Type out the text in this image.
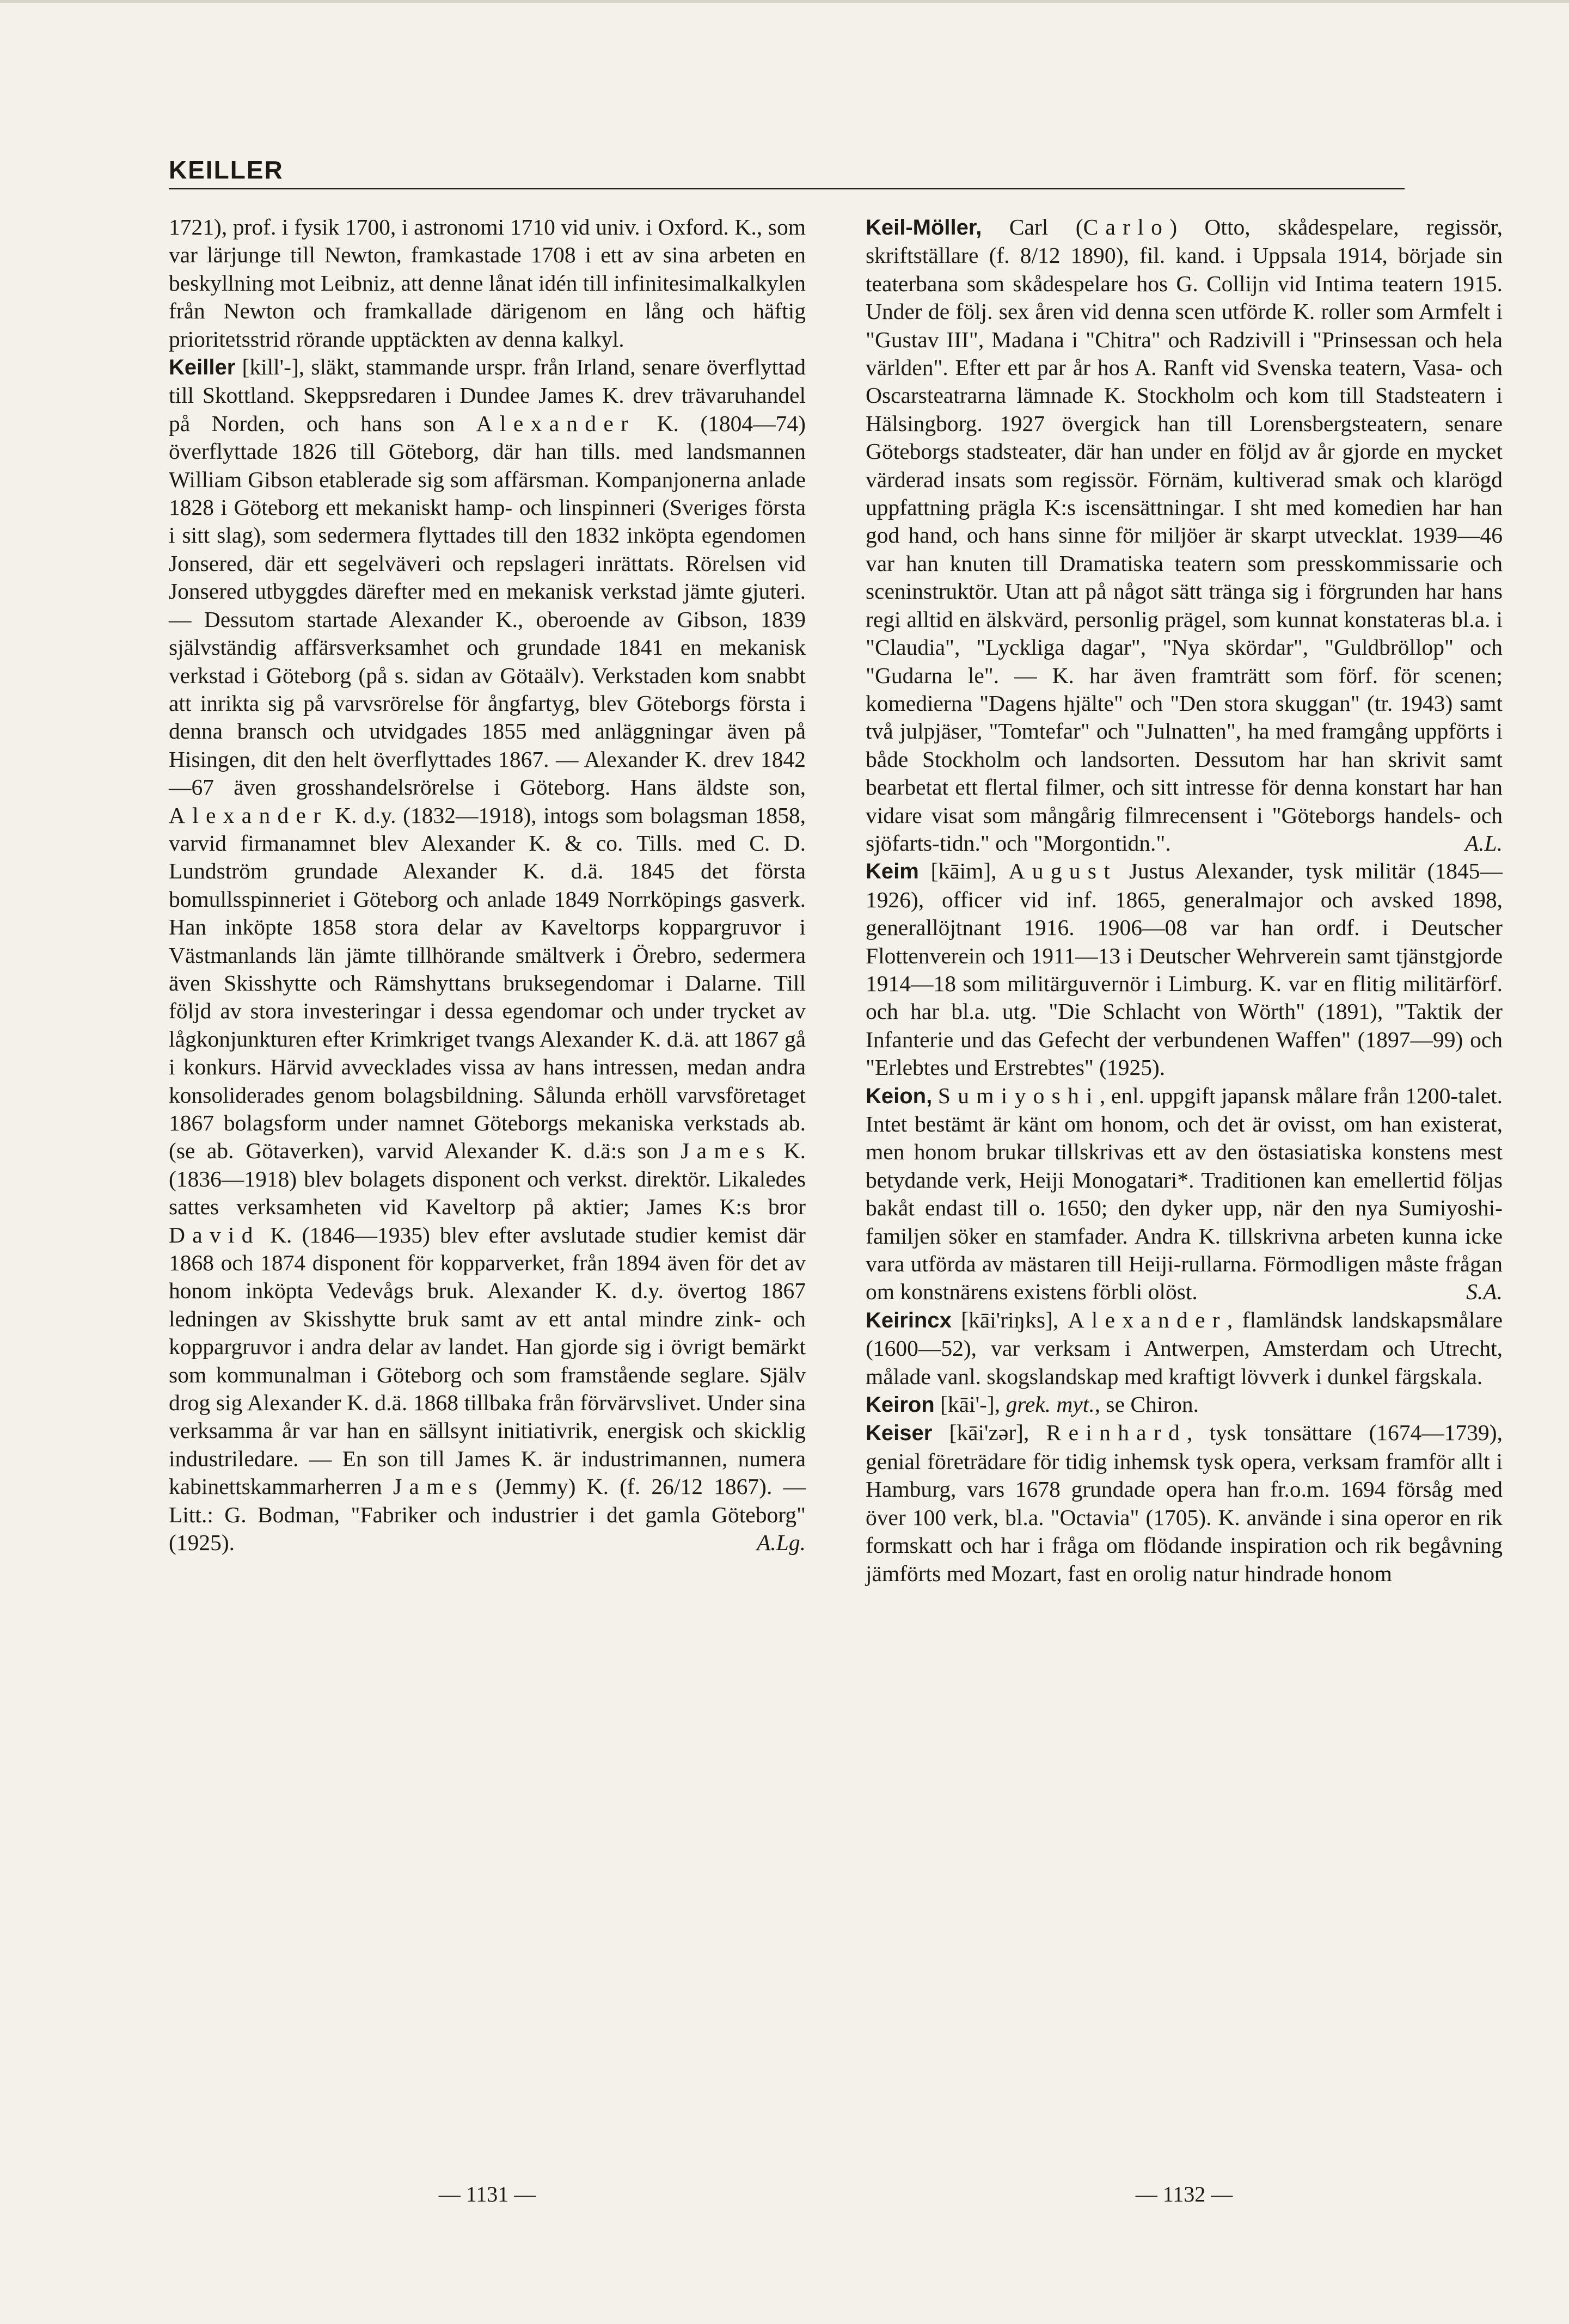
KEILLER

1721), prof. i fysik 1700, i astronomi 1710 vid univ. i Oxford. K., som var lärjunge till Newton, framkastade 1708 i ett av sina arbeten en beskyllning mot Leibniz, att denne lånat idén till infinitesimalkalkylen från Newton och framkallade därigenom en lång och häftig prioritetsstrid rörande upptäckten av denna kalkyl.

Keiller [kill'-], släkt, stammande urspr. från Irland, senare överflyttad till Skottland. Skeppsredaren i Dundee James K. drev trävaruhandel på Norden, och hans son Alexander K. (1804—74) överflyttade 1826 till Göteborg, där han tills. med landsmannen William Gibson etablerade sig som affärsman. Kompanjonerna anlade 1828 i Göteborg ett mekaniskt hamp- och linspinneri (Sveriges första i sitt slag), som sedermera flyttades till den 1832 inköpta egendomen Jonsered, där ett segelväveri och repslageri inrättats. Rörelsen vid Jonsered utbyggdes därefter med en mekanisk verkstad jämte gjuteri. — Dessutom startade Alexander K., oberoende av Gibson, 1839 självständig affärsverksamhet och grundade 1841 en mekanisk verkstad i Göteborg (på s. sidan av Götaälv). Verkstaden kom snabbt att inrikta sig på varvsrörelse för ångfartyg, blev Göteborgs första i denna bransch och utvidgades 1855 med anläggningar även på Hisingen, dit den helt överflyttades 1867. — Alexander K. drev 1842—67 även grosshandelsrörelse i Göteborg. Hans äldste son, Alexander K. d.y. (1832—1918), intogs som bolagsman 1858, varvid firmanamnet blev Alexander K. & co. Tills. med C. D. Lundström grundade Alexander K. d.ä. 1845 det första bomullsspinneriet i Göteborg och anlade 1849 Norrköpings gasverk. Han inköpte 1858 stora delar av Kaveltorps koppargruvor i Västmanlands län jämte tillhörande smältverk i Örebro, sedermera även Skisshytte och Rämshyttans bruksegendomar i Dalarne. Till följd av stora investeringar i dessa egendomar och under trycket av lågkonjunkturen efter Krimkriget tvangs Alexander K. d.ä. att 1867 gå i konkurs. Härvid avvecklades vissa av hans intressen, medan andra konsoliderades genom bolagsbildning. Sålunda erhöll varvsföretaget 1867 bolagsform under namnet Göteborgs mekaniska verkstads ab. (se ab. Götaverken), varvid Alexander K. d.ä:s son James K. (1836—1918) blev bolagets disponent och verkst. direktör. Likaledes sattes verksamheten vid Kaveltorp på aktier; James K:s bror David K. (1846—1935) blev efter avslutade studier kemist där 1868 och 1874 disponent för kopparverket, från 1894 även för det av honom inköpta Vedevågs bruk. Alexander K. d.y. övertog 1867 ledningen av Skisshytte bruk samt av ett antal mindre zink- och koppargruvor i andra delar av landet. Han gjorde sig i övrigt bemärkt som kommunalman i Göteborg och som framstående seglare. Själv drog sig Alexander K. d.ä. 1868 tillbaka från förvärvslivet. Under sina verksamma år var han en sällsynt initiativrik, energisk och skicklig industriledare. — En son till James K. är industrimannen, numera kabinettskammarherren James (Jemmy) K. (f. 26/12 1867). — Litt.: G. Bodman, "Fabriker och industrier i det gamla Göteborg" (1925).	A.Lg.

Keil-Möller, Carl (Carlo) Otto, skådespelare, regissör, skriftställare (f. 8/12 1890), fil. kand. i Uppsala 1914, började sin teaterbana som skådespelare hos G. Collijn vid Intima teatern 1915. Under de följ. sex åren vid denna scen utförde K. roller som Armfelt i "Gustav III", Madana i "Chitra" och Radzivill i "Prinsessan och hela världen". Efter ett par år hos A. Ranft vid Svenska teatern, Vasa- och Oscarsteatrarna lämnade K. Stockholm och kom till Stadsteatern i Hälsingborg. 1927 övergick han till Lorensbergsteatern, senare Göteborgs stadsteater, där han under en följd av år gjorde en mycket värderad insats som regissör. Förnäm, kultiverad smak och klarögd uppfattning prägla K:s iscensättningar. I sht med komedien har han god hand, och hans sinne för miljöer är skarpt utvecklat. 1939—46 var han knuten till Dramatiska teatern som presskommissarie och sceninstruktör. Utan att på något sätt tränga sig i förgrunden har hans regi alltid en älskvärd, personlig prägel, som kunnat konstateras bl.a. i "Claudia", "Lyckliga dagar", "Nya skördar", "Guldbröllop" och "Gudarna le". — K. har även framträtt som förf. för scenen; komedierna "Dagens hjälte" och "Den stora skuggan" (tr. 1943) samt två julpjäser, "Tomtefar" och "Julnatten", ha med framgång uppförts i både Stockholm och landsorten. Dessutom har han skrivit samt bearbetat ett flertal filmer, och sitt intresse för denna konstart har han vidare visat som mångårig filmrecensent i "Göteborgs handels- och sjöfarts-tidn." och "Morgontidn.".	A.L.

Keim [kāim], August Justus Alexander, tysk militär (1845—1926), officer vid inf. 1865, generalmajor och avsked 1898, generallöjtnant 1916. 1906—08 var han ordf. i Deutscher Flottenverein och 1911—13 i Deutscher Wehrverein samt tjänstgjorde 1914—18 som militärguvernör i Limburg. K. var en flitig militärförf. och har bl.a. utg. "Die Schlacht von Wörth" (1891), "Taktik der Infanterie und das Gefecht der verbundenen Waffen" (1897—99) och "Erlebtes und Erstrebtes" (1925).

Keion, Sumiyoshi, enl. uppgift japansk målare från 1200-talet. Intet bestämt är känt om honom, och det är ovisst, om han existerat, men honom brukar tillskrivas ett av den östasiatiska konstens mest betydande verk, Heiji Monogatari*. Traditionen kan emellertid följas bakåt endast till o. 1650; den dyker upp, när den nya Sumiyoshi-familjen söker en stamfader. Andra K. tillskrivna arbeten kunna icke vara utförda av mästaren till Heiji-rullarna. Förmodligen måste frågan om konstnärens existens förbli olöst.	S.A.

Keirincx [kāi'riŋks], Alexander, flamländsk landskapsmålare (1600—52), var verksam i Antwerpen, Amsterdam och Utrecht, målade vanl. skogslandskap med kraftigt lövverk i dunkel färgskala.

Keiron [kāi'-], grek. myt., se Chiron.

Keiser [kāi'zər], Reinhard, tysk tonsättare (1674—1739), genial företrädare för tidig inhemsk tysk opera, verksam framför allt i Hamburg, vars 1678 grundade opera han fr.o.m. 1694 försåg med över 100 verk, bl.a. "Octavia" (1705). K. använde i sina operor en rik formskatt och har i fråga om flödande inspiration och rik begåvning jämförts med Mozart, fast en orolig natur hindrade honom

— 1131 —	— 1132 —
